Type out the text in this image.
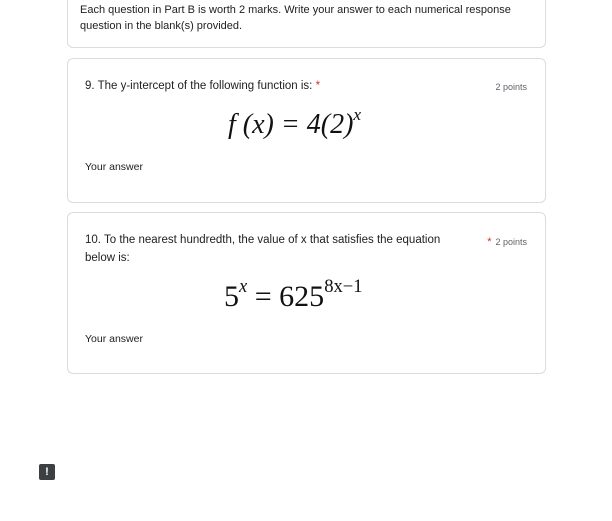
Each question in Part B is worth 2 marks. Write your answer to each numerical response question in the blank(s) provided.
9. The y-intercept of the following function is: *	2 points
f $(x) = 4(2)^x$
Your answer
10. To the nearest hundredth, the value of x that satisfies the equation below is:
* 2 points
$5^x = 625^{8x-1}$
Your answer
!
